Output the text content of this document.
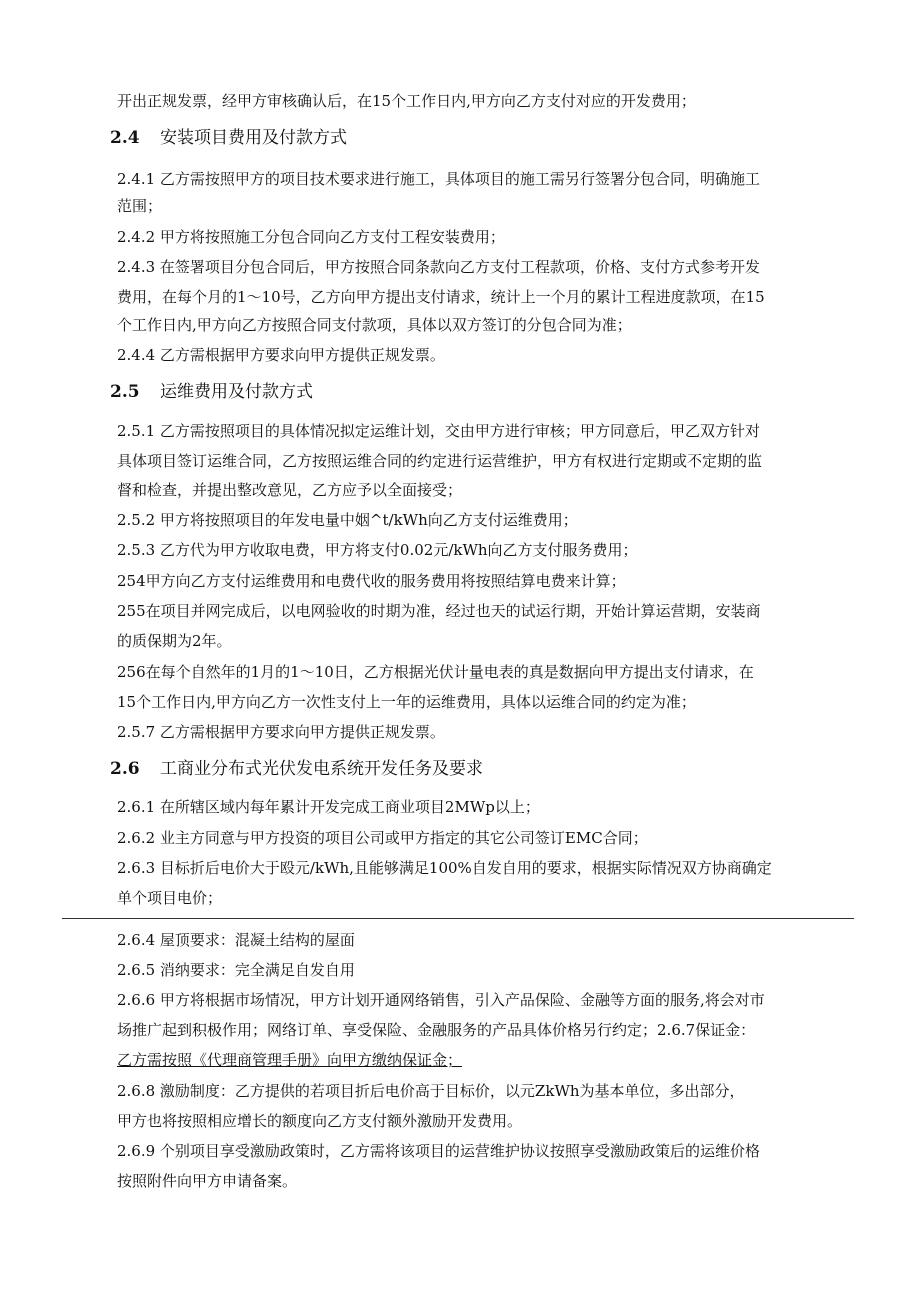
开出正规发票，经甲方审核确认后，在15个工作日内,甲方向乙方支付对应的开发费用；
2.4 安装项目费用及付款方式
2.4.1 乙方需按照甲方的项目技术要求进行施工，具体项目的施工需另行签署分包合同，明确施工
范围；
2.4.2 甲方将按照施工分包合同向乙方支付工程安装费用；
2.4.3 在签署项目分包合同后，甲方按照合同条款向乙方支付工程款项，价格、支付方式参考开发
费用，在每个月的1～10号，乙方向甲方提出支付请求，统计上一个月的累计工程进度款项，在15
个工作日内,甲方向乙方按照合同支付款项，具体以双方签订的分包合同为准；
2.4.4 乙方需根据甲方要求向甲方提供正规发票。
2.5 运维费用及付款方式
2.5.1 乙方需按照项目的具体情况拟定运维计划，交由甲方进行审核；甲方同意后，甲乙双方针对
具体项目签订运维合同，乙方按照运维合同的约定进行运营维护，甲方有权进行定期或不定期的监
督和检查，并提出整改意见，乙方应予以全面接受；
2.5.2 甲方将按照项目的年发电量中姻^t/kWh向乙方支付运维费用；
2.5.3 乙方代为甲方收取电费，甲方将支付0.02元/kWh向乙方支付服务费用；
254甲方向乙方支付运维费用和电费代收的服务费用将按照结算电费来计算；
255在项目并网完成后，以电网验收的时期为准，经过也天的试运行期，开始计算运营期，安装商
的质保期为2年。
256在每个自然年的1月的1～10日，乙方根据光伏计量电表的真是数据向甲方提出支付请求，在
15个工作日内,甲方向乙方一次性支付上一年的运维费用，具体以运维合同的约定为准；
2.5.7 乙方需根据甲方要求向甲方提供正规发票。
2.6 工商业分布式光伏发电系统开发任务及要求
2.6.1 在所辖区域内每年累计开发完成工商业项目2MWp以上；
2.6.2 业主方同意与甲方投资的项目公司或甲方指定的其它公司签订EMC合同；
2.6.3 目标折后电价大于殴元/kWh,且能够满足100%自发自用的要求，根据实际情况双方协商确定
单个项目电价；
2.6.4 屋顶要求：混凝土结构的屋面
2.6.5 消纳要求：完全满足自发自用
2.6.6 甲方将根据市场情况，甲方计划开通网络销售，引入产品保险、金融等方面的服务,将会对市
场推广起到积极作用；网络订单、享受保险、金融服务的产品具体价格另行约定；2.6.7保证金：
乙方需按照《代理商管理手册》向甲方缴纳保证金；
2.6.8 激励制度：乙方提供的若项目折后电价高于目标价，以元ZkWh为基本单位，多出部分，
甲方也将按照相应增长的额度向乙方支付额外激励开发费用。
2.6.9 个别项目享受激励政策时，乙方需将该项目的运营维护协议按照享受激励政策后的运维价格
按照附件向甲方申请备案。
